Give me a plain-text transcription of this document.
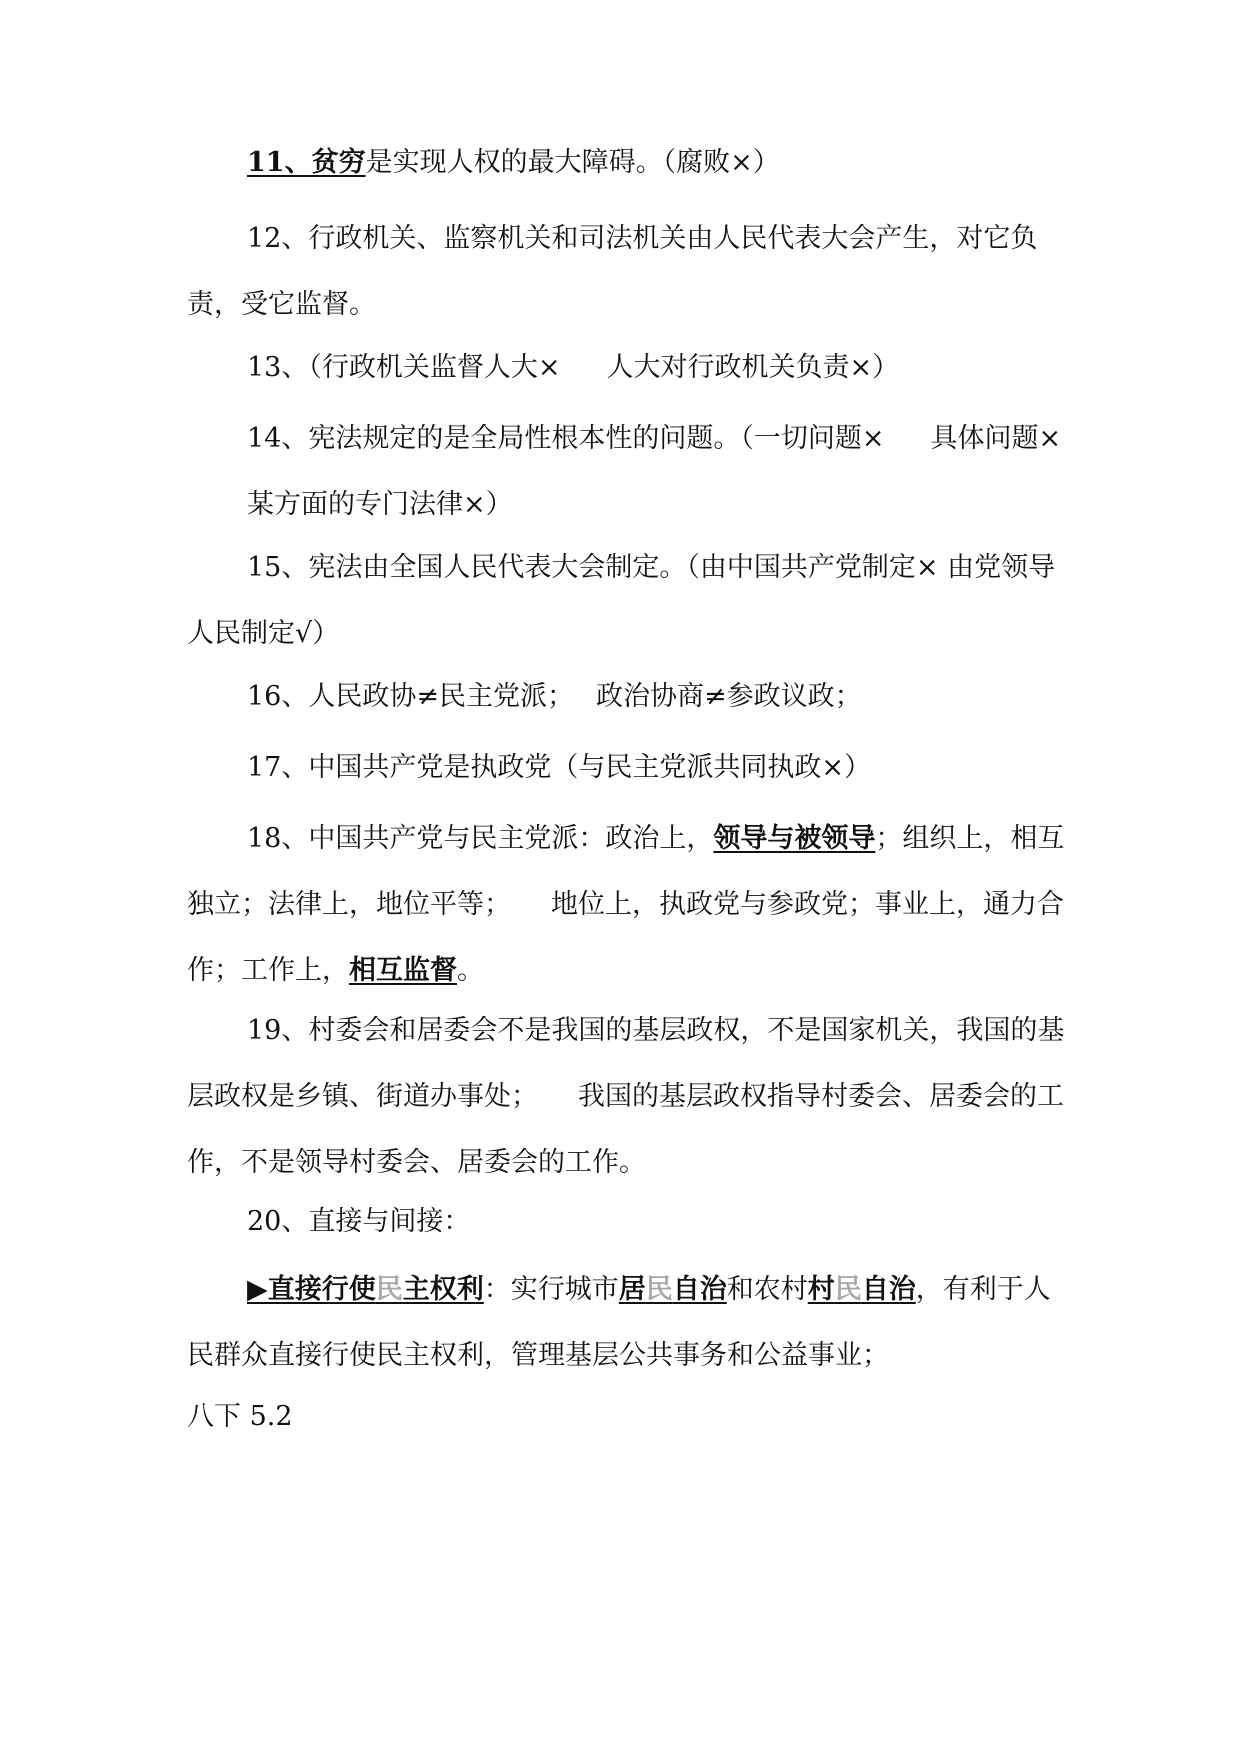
11、贫穷是实现人权的最大障碍。（腐败×）
12、行政机关、监察机关和司法机关由人民代表大会产生，对它负责，受它监督。
13、（行政机关监督人大× 人大对行政机关负责×）
14、宪法规定的是全局性根本性的问题。（一切问题× 具体问题×某方面的专门法律×）
15、宪法由全国人民代表大会制定。（由中国共产党制定× 由党领导人民制定√）
16、人民政协≠民主党派； 政治协商≠参政议政；
17、中国共产党是执政党（与民主党派共同执政×）
18、中国共产党与民主党派：政治上，领导与被领导；组织上，相互独立；法律上，地位平等； 地位上，执政党与参政党；事业上，通力合作；工作上，相互监督。
19、村委会和居委会不是我国的基层政权，不是国家机关，我国的基层政权是乡镇、街道办事处； 我国的基层政权指导村委会、居委会的工作，不是领导村委会、居委会的工作。
20、直接与间接：
▶直接行使民主权利：实行城市居民自治和农村村民自治，有利于人民群众直接行使民主权利，管理基层公共事务和公益事业；
八下 5.2
